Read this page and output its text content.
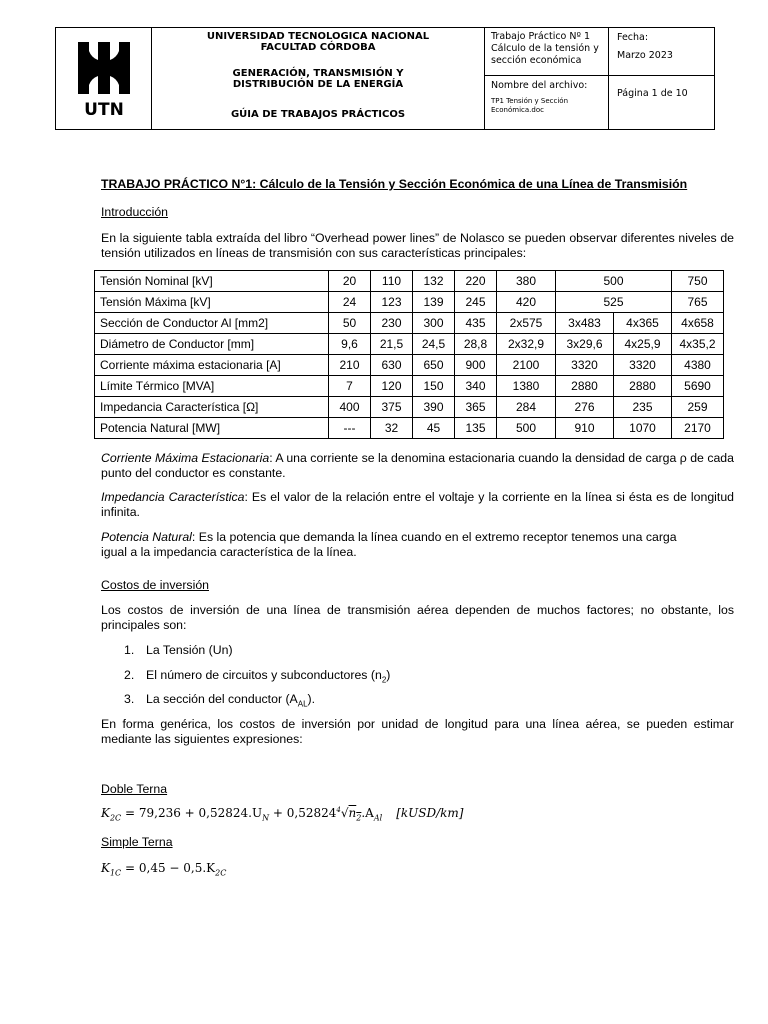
UTN
UNIVERSIDAD TECNOLOGICA NACIONAL
FACULTAD CÓRDOBA
GENERACIÓN, TRANSMISIÓN Y
DISTRIBUCIÓN DE LA ENERGÍA
GÚIA DE TRABAJOS PRÁCTICOS
Trabajo Práctico Nº 1
Cálculo de la tensión y
sección económica
Nombre del archivo:
TP1 Tensión y Sección
Económica.doc
Fecha:
Marzo 2023
Página 1 de 10
TRABAJO PRÁCTICO N°1: Cálculo de la Tensión y Sección Económica de una Línea de Transmisión
Introducción
En la siguiente tabla extraída del libro “Overhead power lines” de Nolasco se pueden observar diferentes niveles de tensión utilizados en líneas de transmisión con sus características principales:
Tensión Nominal [kV]	20	110	132	220	380	500		750
Tensión Máxima [kV]	24	123	139	245	420	525		765
Sección de Conductor Al [mm2]	50	230	300	435	2x575	3x483	4x365	4x658
Diámetro de Conductor [mm]	9,6	21,5	24,5	28,8	2x32,9	3x29,6	4x25,9	4x35,2
Corriente máxima estacionaria [A]	210	630	650	900	2100	3320	3320	4380
Límite Térmico [MVA]	7	120	150	340	1380	2880	2880	5690
Impedancia Característica [Ω]	400	375	390	365	284	276	235	259
Potencia Natural [MW]	---	32	45	135	500	910	1070	2170
Corriente Máxima Estacionaria: A una corriente se la denomina estacionaria cuando la densidad de carga ρ de cada punto del conductor es constante.
Impedancia Característica: Es el valor de la relación entre el voltaje y la corriente en la línea si ésta es de longitud infinita.
Potencia Natural: Es la potencia que demanda la línea cuando en el extremo receptor tenemos una carga
igual a la impedancia característica de la línea.
Costos de inversión
Los costos de inversión de una línea de transmisión aérea dependen de muchos factores; no obstante, los principales son:
1. La Tensión (Un)
2. El número de circuitos y subconductores $(n_2)$
3. La sección del conductor $(A_{AL})$.
En forma genérica, los costos de inversión por unidad de longitud para una línea aérea, se pueden estimar mediante las siguientes expresiones:
Doble Terna
$K_{2C} = 79,236 + 0,52824.U_N + 0,52824^4√n_2.A_{Al}$ [kUSD/km]
Simple Terna
$K_{1C} = 0,45 - 0,5.K_{2C}$
